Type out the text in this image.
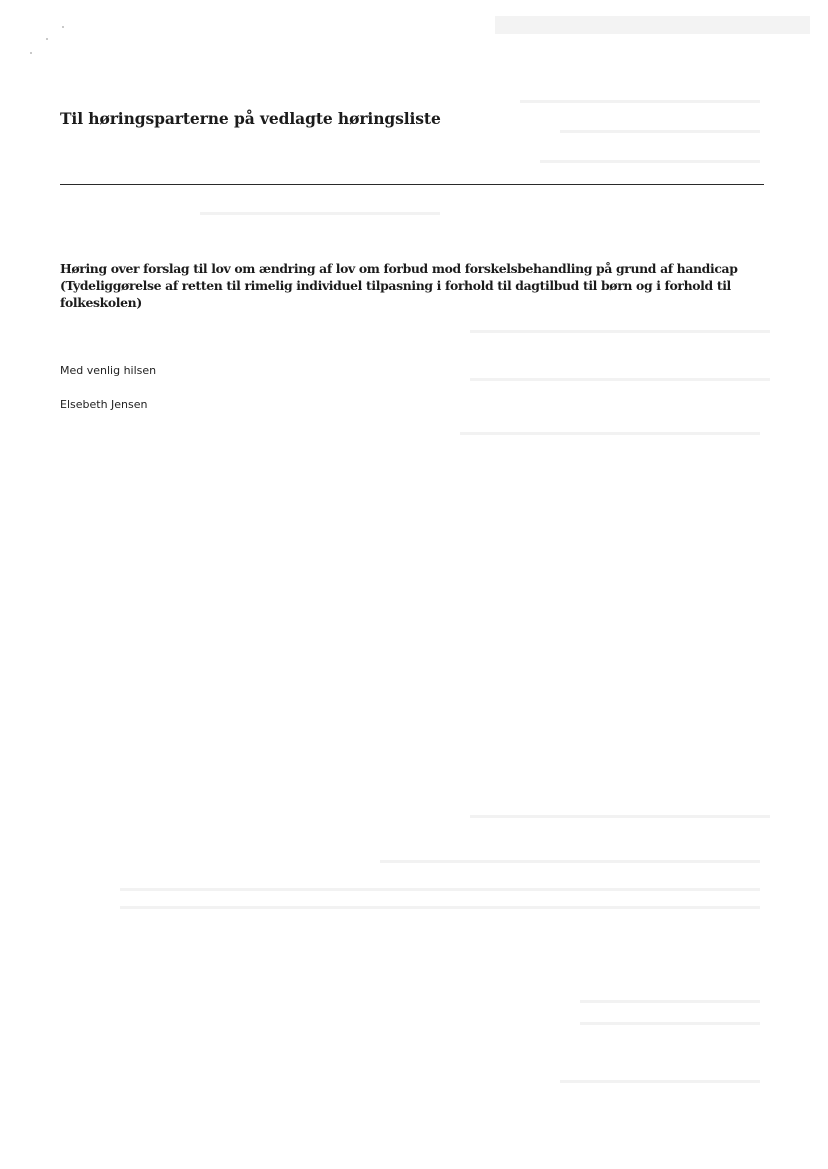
Til høringsparterne på vedlagte høringsliste

Høring over forslag til lov om ændring af lov om forbud mod forskelsbehandling på grund af handicap
(Tydeliggørelse af retten til rimelig individuel tilpasning i forhold til dagtilbud til børn og i forhold til
folkeskolen)

Med venlig hilsen

Elsebeth Jensen
